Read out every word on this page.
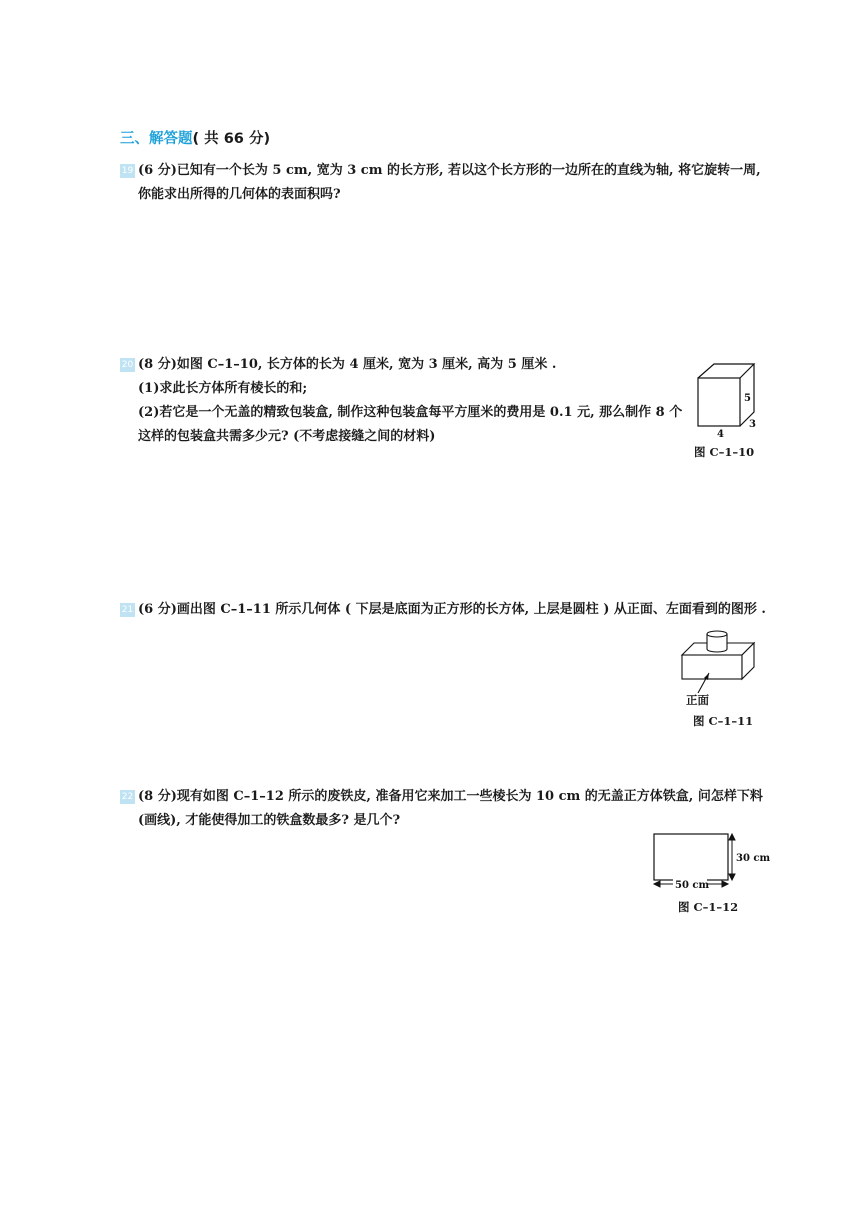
三、解答题( 共 66 分)
19 (6 分)已知有一个长为 5 cm, 宽为 3 cm 的长方形, 若以这个长方形的一边所在的直线为轴, 将它旋转一周,
你能求出所得的几何体的表面积吗?
20 (8 分)如图 C–1–10, 长方体的长为 4 厘米, 宽为 3 厘米, 高为 5 厘米 .
(1)求此长方体所有棱长的和;
(2)若它是一个无盖的精致包装盒, 制作这种包装盒每平方厘米的费用是 0.1 元, 那么制作 8 个
这样的包装盒共需多少元? (不考虑接缝之间的材料)
5
3
4
图 C–1–10
21 (6 分)画出图 C–1–11 所示几何体 ( 下层是底面为正方形的长方体, 上层是圆柱 ) 从正面、左面看到的图形 .
正面
图 C–1–11
22 (8 分)现有如图 C–1–12 所示的废铁皮, 准备用它来加工一些棱长为 10 cm 的无盖正方体铁盒, 问怎样下料
(画线), 才能使得加工的铁盒数最多? 是几个?
30 cm
50 cm
图 C–1–12
